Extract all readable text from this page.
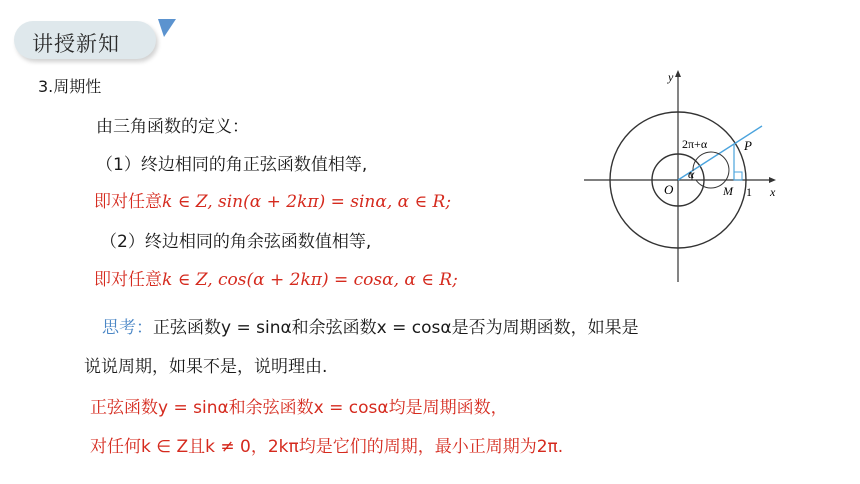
讲授新知
3.周期性
由三角函数的定义：
（1）终边相同的角正弦函数值相等,
即对任意k ∈ Z, sin(α + 2kπ) = sinα, α ∈ R;
（2）终边相同的角余弦函数值相等,
即对任意k ∈ Z, cos(α + 2kπ) = cosα, α ∈ R;
思考：正弦函数y = sinα和余弦函数x = cosα是否为周期函数，如果是
说说周期，如果不是，说明理由.
正弦函数y = sinα和余弦函数x = cosα均是周期函数，
对任何k ∈ Z且k ≠ 0，2kπ均是它们的周期，最小正周期为2π.
y
x
O
P
M 1
2π+α
α
